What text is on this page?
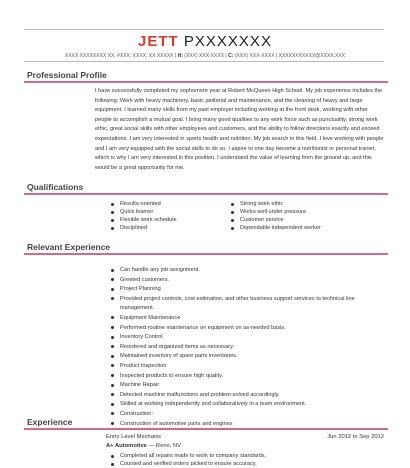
JETT PXXXXXXX
XXXX XXXXXXXX XX. #XXX, XXXX, XX XXXXX | H: (XXX) XXX-XXXX | C: (XXX) XXX-XXXX | XXXXXXXXXXX@XXXX.XXX
Professional Profile
I have successfully completed my sophomore year at Robert McQueen High School. My job experience includes the following: Work with heavy machinery, basic janitorial and maintenance, and the cleaning of heavy and large equipment. I learned many skills from my past employer including working at the front desk, working with other people to accomplish a mutual goal. I bring many good qualities to any work force such as punctuality, strong work ethic, great social skills with other employees and customers, and the ability to follow directions exactly and exceed expectations. I am very interested in sports health and nutrition. My job search in this field. I love working with people and I am very equipped with the social skills to do so. I aspire to one day become a nutritionist or personal trainer, which is why I am very interested in this position. I understand the value of learning from the ground up, and this would be a great opportunity for me.
Qualifications
Results-oriented
Quick learner
Flexible work schedule
Disciplined
Strong work ethic
Works well under pressure
Customer service
Dependable independent worker
Relevant Experience
Can handle any job assignment.
Greeted customers.
Project Planning
Provided project controls, cost estimation, and other business support services to technical line management.
Equipment Maintenance
Performed routine maintenance on equipment on as-needed basis.
Inventory Control
Reordered and organized items as necessary.
Maintained inventory of spare parts inventories.
Product Inspection
Inspected products to ensure high quality.
Machine Repair
Detected machine malfunctions and problem-solved accordingly.
Skilled at working independently and collaboratively in a team environment.
Construction:
Construction of automotive parts and engines
Experience
Entry Level Mechanic	Jun 2012 to Sep 2012
A+ Automotive — Reno, NV
Completed all repairs made to work to company standards.
Counted and verified orders picked to ensure accuracy.
